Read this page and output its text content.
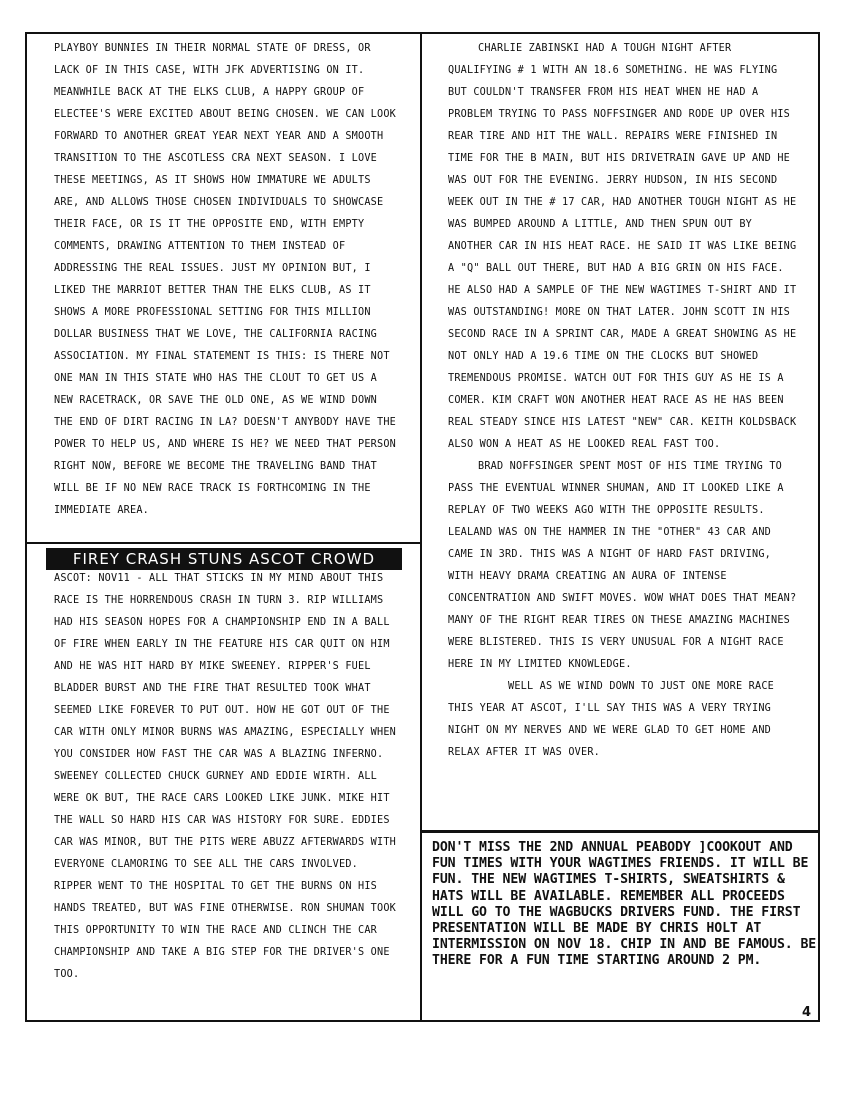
PLAYBOY BUNNIES IN THEIR NORMAL STATE OF DRESS, OR LACK OF IN THIS CASE, WITH JFK ADVERTISING ON IT. MEANWHILE BACK AT THE ELKS CLUB, A HAPPY GROUP OF ELECTEE'S WERE EXCITED ABOUT BEING CHOSEN. WE CAN LOOK FORWARD TO ANOTHER GREAT YEAR NEXT YEAR AND A SMOOTH TRANSITION TO THE ASCOTLESS CRA NEXT SEASON. I LOVE THESE MEETINGS, AS IT SHOWS HOW IMMATURE WE ADULTS ARE, AND ALLOWS THOSE CHOSEN INDIVIDUALS TO SHOWCASE THEIR FACE, OR IS IT THE OPPOSITE END, WITH EMPTY COMMENTS, DRAWING ATTENTION TO THEM INSTEAD OF ADDRESSING THE REAL ISSUES. JUST MY OPINION BUT, I LIKED THE MARRIOT BETTER THAN THE ELKS CLUB, AS IT SHOWS A MORE PROFESSIONAL SETTING FOR THIS MILLION DOLLAR BUSINESS THAT WE LOVE, THE CALIFORNIA RACING ASSOCIATION. MY FINAL STATEMENT IS THIS: IS THERE NOT ONE MAN IN THIS STATE WHO HAS THE CLOUT TO GET US A NEW RACETRACK, OR SAVE THE OLD ONE, AS WE WIND DOWN THE END OF DIRT RACING IN LA? DOESN'T ANYBODY HAVE THE POWER TO HELP US, AND WHERE IS HE? WE NEED THAT PERSON RIGHT NOW, BEFORE WE BECOME THE TRAVELING BAND THAT WILL BE IF NO NEW RACE TRACK IS FORTHCOMING IN THE IMMEDIATE AREA.

FIREY CRASH STUNS ASCOT CROWD

ASCOT: NOV11 - ALL THAT STICKS IN MY MIND ABOUT THIS RACE IS THE HORRENDOUS CRASH IN TURN 3. RIP WILLIAMS HAD HIS SEASON HOPES FOR A CHAMPIONSHIP END IN A BALL OF FIRE WHEN EARLY IN THE FEATURE HIS CAR QUIT ON HIM AND HE WAS HIT HARD BY MIKE SWEENEY. RIPPER'S FUEL BLADDER BURST AND THE FIRE THAT RESULTED TOOK WHAT SEEMED LIKE FOREVER TO PUT OUT. HOW HE GOT OUT OF THE CAR WITH ONLY MINOR BURNS WAS AMAZING, ESPECIALLY WHEN YOU CONSIDER HOW FAST THE CAR WAS A BLAZING INFERNO. SWEENEY COLLECTED CHUCK GURNEY AND EDDIE WIRTH. ALL WERE OK BUT, THE RACE CARS LOOKED LIKE JUNK. MIKE HIT THE WALL SO HARD HIS CAR WAS HISTORY FOR SURE. EDDIES CAR WAS MINOR, BUT THE PITS WERE ABUZZ AFTERWARDS WITH EVERYONE CLAMORING TO SEE ALL THE CARS INVOLVED. RIPPER WENT TO THE HOSPITAL TO GET THE BURNS ON HIS HANDS TREATED, BUT WAS FINE OTHERWISE. RON SHUMAN TOOK THIS OPPORTUNITY TO WIN THE RACE AND CLINCH THE CAR CHAMPIONSHIP AND TAKE A BIG STEP FOR THE DRIVER'S ONE TOO.

CHARLIE ZABINSKI HAD A TOUGH NIGHT AFTER QUALIFYING # 1 WITH AN 18.6 SOMETHING. HE WAS FLYING BUT COULDN'T TRANSFER FROM HIS HEAT WHEN HE HAD A PROBLEM TRYING TO PASS NOFFSINGER AND RODE UP OVER HIS REAR TIRE AND HIT THE WALL. REPAIRS WERE FINISHED IN TIME FOR THE B MAIN, BUT HIS DRIVETRAIN GAVE UP AND HE WAS OUT FOR THE EVENING. JERRY HUDSON, IN HIS SECOND WEEK OUT IN THE # 17 CAR, HAD ANOTHER TOUGH NIGHT AS HE WAS BUMPED AROUND A LITTLE, AND THEN SPUN OUT BY ANOTHER CAR IN HIS HEAT RACE. HE SAID IT WAS LIKE BEING A "Q" BALL OUT THERE, BUT HAD A BIG GRIN ON HIS FACE. HE ALSO HAD A SAMPLE OF THE NEW WAGTIMES T-SHIRT AND IT WAS OUTSTANDING! MORE ON THAT LATER. JOHN SCOTT IN HIS SECOND RACE IN A SPRINT CAR, MADE A GREAT SHOWING AS HE NOT ONLY HAD A 19.6 TIME ON THE CLOCKS BUT SHOWED TREMENDOUS PROMISE. WATCH OUT FOR THIS GUY AS HE IS A COMER. KIM CRAFT WON ANOTHER HEAT RACE AS HE HAS BEEN REAL STEADY SINCE HIS LATEST "NEW" CAR. KEITH KOLDSBACK ALSO WON A HEAT AS HE LOOKED REAL FAST TOO.

BRAD NOFFSINGER SPENT MOST OF HIS TIME TRYING TO PASS THE EVENTUAL WINNER SHUMAN, AND IT LOOKED LIKE A REPLAY OF TWO WEEKS AGO WITH THE OPPOSITE RESULTS. LEALAND WAS ON THE HAMMER IN THE "OTHER" 43 CAR AND CAME IN 3RD. THIS WAS A NIGHT OF HARD FAST DRIVING, WITH HEAVY DRAMA CREATING AN AURA OF INTENSE CONCENTRATION AND SWIFT MOVES. WOW WHAT DOES THAT MEAN? MANY OF THE RIGHT REAR TIRES ON THESE AMAZING MACHINES WERE BLISTERED. THIS IS VERY UNUSUAL FOR A NIGHT RACE HERE IN MY LIMITED KNOWLEDGE.

WELL AS WE WIND DOWN TO JUST ONE MORE RACE THIS YEAR AT ASCOT, I'LL SAY THIS WAS A VERY TRYING NIGHT ON MY NERVES AND WE WERE GLAD TO GET HOME AND RELAX AFTER IT WAS OVER.

DON'T MISS THE 2ND ANNUAL PEABODY ]COOKOUT AND FUN TIMES WITH YOUR WAGTIMES FRIENDS. IT WILL BE FUN. THE NEW WAGTIMES T-SHIRTS, SWEATSHIRTS & HATS WILL BE AVAILABLE. REMEMBER ALL PROCEEDS WILL GO TO THE WAGBUCKS DRIVERS FUND. THE FIRST PRESENTATION WILL BE MADE BY CHRIS HOLT AT INTERMISSION ON NOV 18. CHIP IN AND BE FAMOUS. BE THERE FOR A FUN TIME STARTING AROUND 2 PM.

4
